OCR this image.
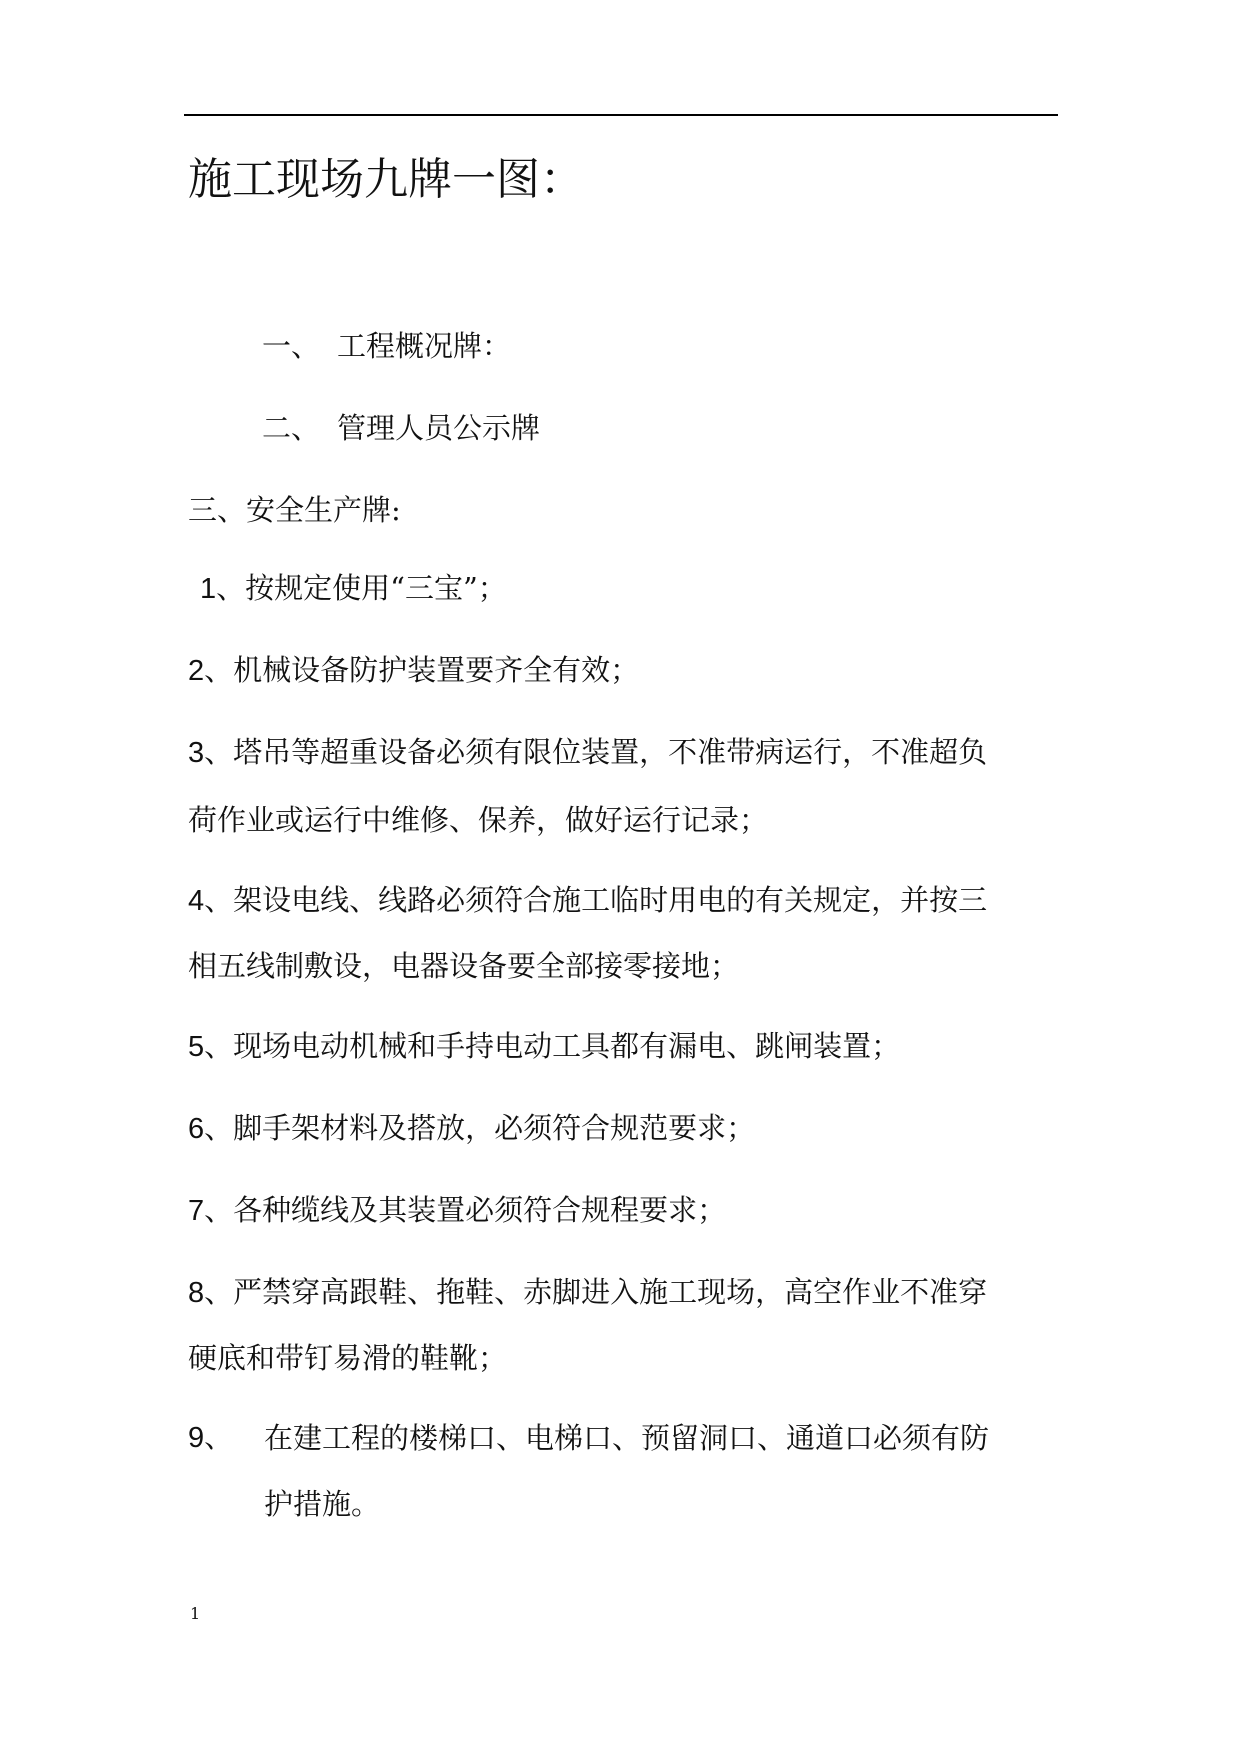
施工现场九牌一图：
一、 工程概况牌：
二、 管理人员公示牌
三、安全生产牌:
1、按规定使用“三宝”；
2、机械设备防护装置要齐全有效；
3、塔吊等超重设备必须有限位装置，不准带病运行，不准超负
荷作业或运行中维修、保养，做好运行记录；
4、架设电线、线路必须符合施工临时用电的有关规定，并按三
相五线制敷设，电器设备要全部接零接地；
5、现场电动机械和手持电动工具都有漏电、跳闸装置；
6、脚手架材料及搭放，必须符合规范要求；
7、各种缆线及其装置必须符合规程要求；
8、严禁穿高跟鞋、拖鞋、赤脚进入施工现场，高空作业不准穿
硬底和带钉易滑的鞋靴；
9、 在建工程的楼梯口、电梯口、预留洞口、通道口必须有防
护措施。
1
